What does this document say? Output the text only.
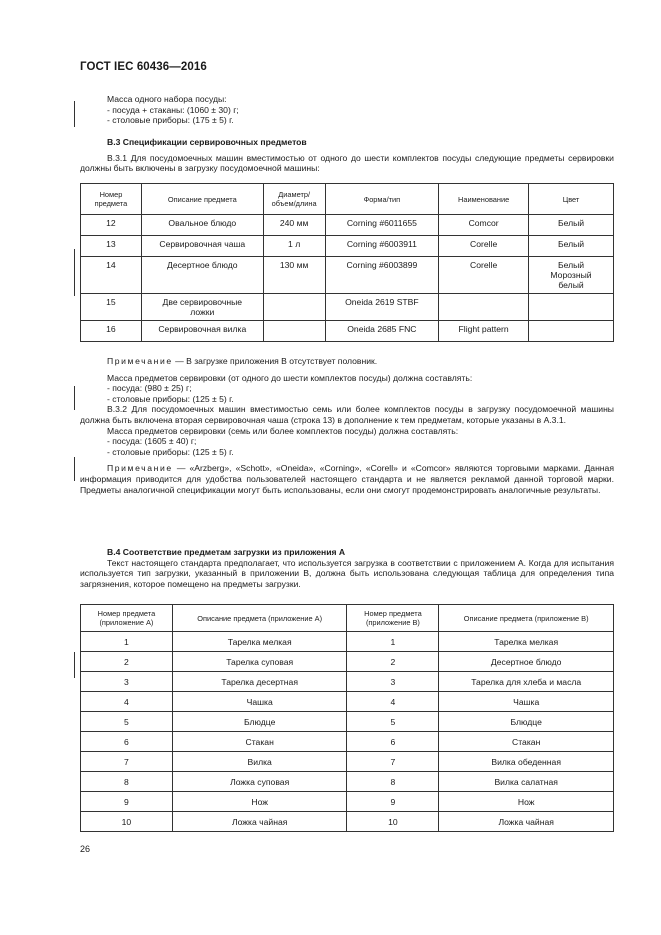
ГОСТ IEC 60436—2016

Масса одного набора посуды:

- посуда + стаканы: (1060 ± 30) г;

- столовые приборы: (175 ± 5) г.

В.3 Спецификации сервировочных предметов

В.3.1 Для посудомоечных машин вместимостью от одного до шести комплектов посуды следующие предметы сервировки должны быть включены в загрузку посудомоечной машины:

Номер предмета	Описание предмета	Диаметр/ объем/длина	Форма/тип	Наименование	Цвет
12	Овальное блюдо	240 мм	Corning #6011655	Comcor	Белый
13	Сервировочная чаша	1 л	Corning #6003911	Corelle	Белый
14	Десертное блюдо	130 мм	Corning #6003899	Corelle	Белый Морозный белый
15	Две сервировочные ложки		Oneida 2619 STBF		
16	Сервировочная вилка		Oneida 2685 FNC	Flight pattern	

Примечание — В загрузке приложения В отсутствует половник.

Масса предметов сервировки (от одного до шести комплектов посуды) должна составлять:

- посуда: (980 ± 25) г;

- столовые приборы: (125 ± 5) г.

В.3.2 Для посудомоечных машин вместимостью семь или более комплектов посуды в загрузку посудомоечной машины должна быть включена вторая сервировочная чаша (строка 13) в дополнение к тем предметам, которые указаны в А.3.1.

Масса предметов сервировки (семь или более комплектов посуды) должна составлять:

- посуда: (1605 ± 40) г;

- столовые приборы: (125 ± 5) г.

Примечание — «Arzberg», «Schott», «Oneida», «Corning», «Corell» и «Comcor» являются торговыми марками. Данная информация приводится для удобства пользователей настоящего стандарта и не является рекламой данной торговой марки. Предметы аналогичной спецификации могут быть использованы, если они смогут продемонстрировать аналогичные результаты.

В.4 Соответствие предметам загрузки из приложения А

Текст настоящего стандарта предполагает, что используется загрузка в соответствии с приложением А. Когда для испытания используется тип загрузки, указанный в приложении В, должна быть использована следующая таблица для определения типа загрязнения, которое помещено на предметы загрузки.

Номер предмета (приложение А)	Описание предмета (приложение А)	Номер предмета (приложение В)	Описание предмета (приложение В)
1	Тарелка мелкая	1	Тарелка мелкая
2	Тарелка суповая	2	Десертное блюдо
3	Тарелка десертная	3	Тарелка для хлеба и масла
4	Чашка	4	Чашка
5	Блюдце	5	Блюдце
6	Стакан	6	Стакан
7	Вилка	7	Вилка обеденная
8	Ложка суповая	8	Вилка салатная
9	Нож	9	Нож
10	Ложка чайная	10	Ложка чайная
26
